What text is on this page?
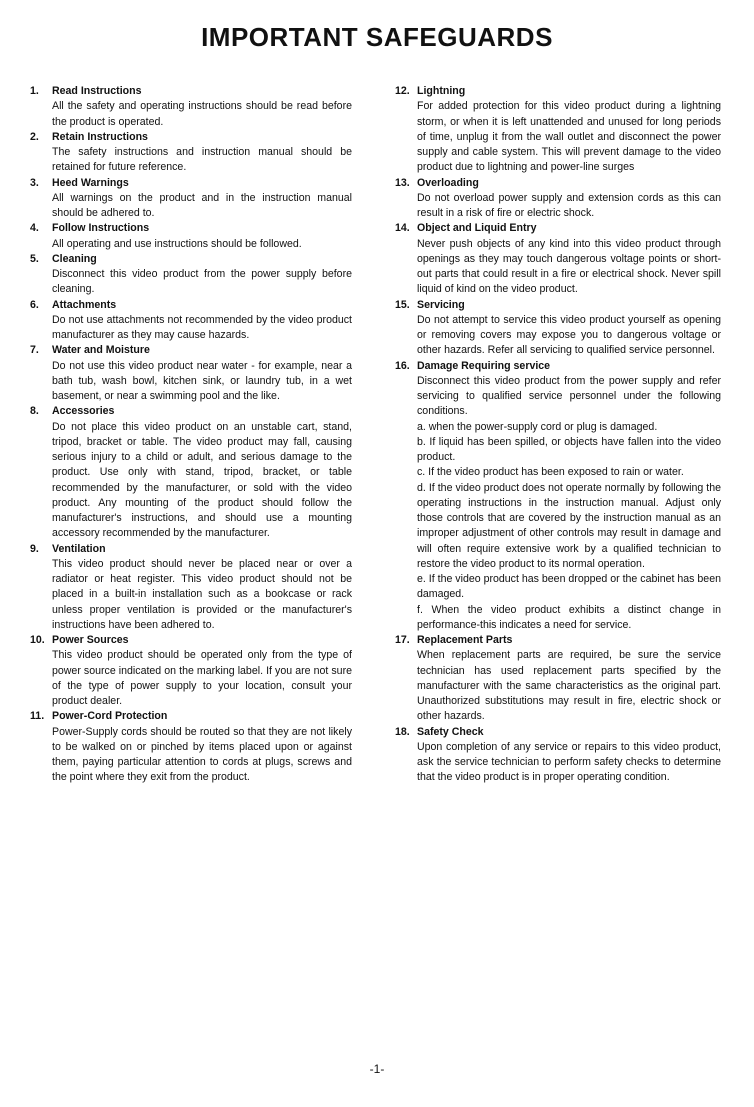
IMPORTANT SAFEGUARDS
1. Read Instructions

All the safety and operating instructions should be read before the product is operated.

2. Retain Instructions

The safety instructions and instruction manual should be retained for future reference.

3. Heed Warnings

All warnings on the product and in the instruction manual should be adhered to.

4. Follow Instructions

All operating and use instructions should be followed.

5. Cleaning

Disconnect this video product from the power supply before cleaning.

6. Attachments

Do not use attachments not recommended by the video product manufacturer as they may cause hazards.

7. Water and Moisture

Do not use this video product near water - for example, near a bath tub, wash bowl, kitchen sink, or laundry tub, in a wet basement, or near a swimming pool and the like.

8. Accessories

Do not place this video product on an unstable cart, stand, tripod, bracket or table. The video product may fall, causing serious injury to a child or adult, and serious damage to the product. Use only with stand, tripod, bracket, or table recommended by the manufacturer, or sold with the video product. Any mounting of the product should follow the manufacturer's instructions, and should use a mounting accessory recommended by the manufacturer.

9. Ventilation

This video product should never be placed near or over a radiator or heat register. This video product should not be placed in a built-in installation such as a bookcase or rack unless proper ventilation is provided or the manufacturer's instructions have been adhered to.

10. Power Sources

This video product should be operated only from the type of power source indicated on the marking label. If you are not sure of the type of power supply to your location, consult your product dealer.

11. Power-Cord Protection

Power-Supply cords should be routed so that they are not likely to be walked on or pinched by items placed upon or against them, paying particular attention to cords at plugs, screws and the point where they exit from the product.

12. Lightning

For added protection for this video product during a lightning storm, or when it is left unattended and unused for long periods of time, unplug it from the wall outlet and disconnect the power supply and cable system. This will prevent damage to the video product due to lightning and power-line surges

13. Overloading

Do not overload power supply and extension cords as this can result in a risk of fire or electric shock.

14. Object and Liquid Entry

Never push objects of any kind into this video product through openings as they may touch dangerous voltage points or short-out parts that could result in a fire or electrical shock. Never spill liquid of kind on the video product.

15. Servicing

Do not attempt to service this video product yourself as opening or removing covers may expose you to dangerous voltage or other hazards. Refer all servicing to qualified service personnel.

16. Damage Requiring service

Disconnect this video product from the power supply and refer servicing to qualified service personnel under the following conditions.

a. when the power-supply cord or plug is damaged.

b. If liquid has been spilled, or objects have fallen into the video product.

c. If the video product has been exposed to rain or water.

d. If the video product does not operate normally by following the operating instructions in the instruction manual. Adjust only those controls that are covered by the instruction manual as an improper adjustment of other controls may result in damage and will often require extensive work by a qualified technician to restore the video product to its normal operation.

e. If the video product has been dropped or the cabinet has been damaged.

f. When the video product exhibits a distinct change in performance-this indicates a need for service.

17. Replacement Parts

When replacement parts are required, be sure the service technician has used replacement parts specified by the manufacturer with the same characteristics as the original part. Unauthorized substitutions may result in fire, electric shock or other hazards.

18. Safety Check

Upon completion of any service or repairs to this video product, ask the service technician to perform safety checks to determine that the video product is in proper operating condition.

-1-
